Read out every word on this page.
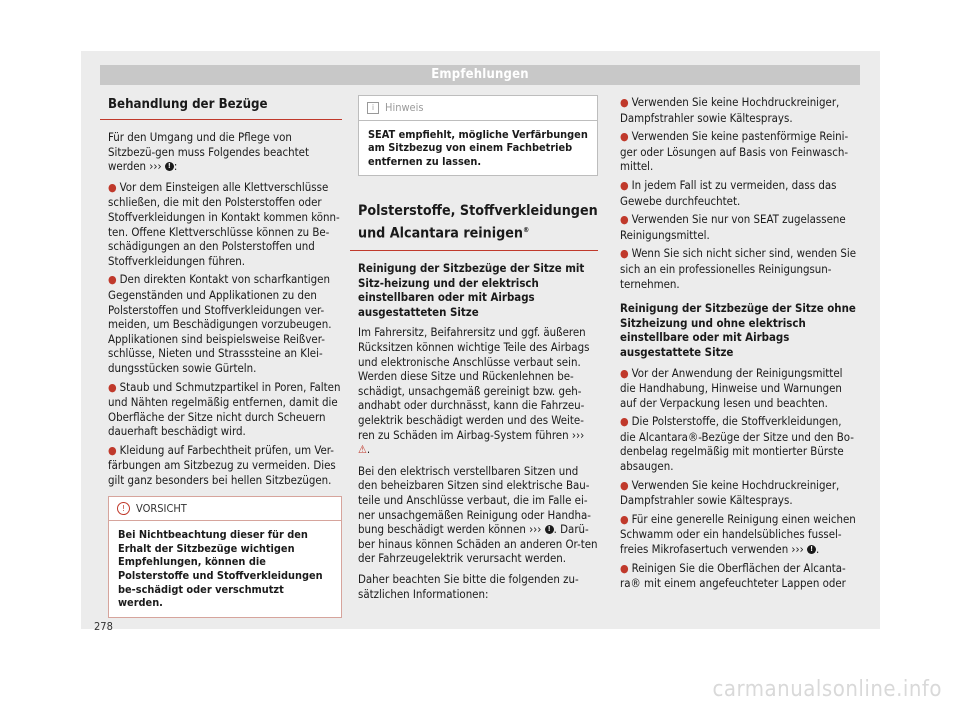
Empfehlungen
Behandlung der Bezüge

Für den Umgang und die Pflege von Sitzbezü-gen muss Folgendes beachtet werden ››› ! :

● Vor dem Einsteigen alle Klettverschlüsse schließen, die mit den Polsterstoffen oder Stoffverkleidungen in Kontakt kommen könn-ten. Offene Klettverschlüsse können zu Be-schädigungen an den Polsterstoffen und Stoffverkleidungen führen.
● Den direkten Kontakt von scharfkantigen Gegenständen und Applikationen zu den Polsterstoffen und Stoffverkleidungen ver-meiden, um Beschädigungen vorzubeugen. Applikationen sind beispielsweise Reißver-schlüsse, Nieten und Strasssteine an Klei-dungsstücken sowie Gürteln.
● Staub und Schmutzpartikel in Poren, Falten und Nähten regelmäßig entfernen, damit die Oberfläche der Sitze nicht durch Scheuern dauerhaft beschädigt wird.
● Kleidung auf Farbechtheit prüfen, um Ver-färbungen am Sitzbezug zu vermeiden. Dies gilt ganz besonders bei hellen Sitzbezügen.
! VORSICHT
Bei Nichtbeachtung dieser für den Erhalt der Sitzbezüge wichtigen Empfehlungen, können die Polsterstoffe und Stoffverkleidungen be-schädigt oder verschmutzt werden.
i Hinweis
SEAT empfiehlt, mögliche Verfärbungen am Sitzbezug von einem Fachbetrieb entfernen zu lassen.
Polsterstoffe, Stoffverkleidungen und Alcantara reinigen®

Reinigung der Sitzbezüge der Sitze mit Sitz-heizung und der elektrisch einstellbaren oder mit Airbags ausgestatteten Sitze

Im Fahrersitz, Beifahrersitz und ggf. äußeren Rücksitzen können wichtige Teile des Airbags und elektronische Anschlüsse verbaut sein. Werden diese Sitze und Rückenlehnen be-schädigt, unsachgemäß gereinigt bzw. geh-andhabt oder durchnässt, kann die Fahrzeu-gelektrik beschädigt werden und des Weite-ren zu Schäden im Airbag-System führen ››› ⚠.

Bei den elektrisch verstellbaren Sitzen und den beheizbaren Sitzen sind elektrische Bau-teile und Anschlüsse verbaut, die im Falle ei-ner unsachgemäßen Reinigung oder Handha-bung beschädigt werden können ››› ! . Darü-ber hinaus können Schäden an anderen Or-ten der Fahrzeugelektrik verursacht werden.

Daher beachten Sie bitte die folgenden zu-sätzlichen Informationen:

● Verwenden Sie keine Hochdruckreiniger, Dampfstrahler sowie Kältesprays.
● Verwenden Sie keine pastenförmige Reini-ger oder Lösungen auf Basis von Feinwasch-mittel.
● In jedem Fall ist zu vermeiden, dass das Gewebe durchfeuchtet.
● Verwenden Sie nur von SEAT zugelassene Reinigungsmittel.
● Wenn Sie sich nicht sicher sind, wenden Sie sich an ein professionelles Reinigungsun-ternehmen.

Reinigung der Sitzbezüge der Sitze ohne Sitzheizung und ohne elektrisch einstellbare oder mit Airbags ausgestattete Sitze

● Vor der Anwendung der Reinigungsmittel die Handhabung, Hinweise und Warnungen auf der Verpackung lesen und beachten.
● Die Polsterstoffe, die Stoffverkleidungen, die Alcantara®-Bezüge der Sitze und den Bo-denbelag regelmäßig mit montierter Bürste absaugen.
● Verwenden Sie keine Hochdruckreiniger, Dampfstrahler sowie Kältesprays.
● Für eine generelle Reinigung einen weichen Schwamm oder ein handelsübliches fussel-freies Mikrofasertuch verwenden ››› ! .
● Reinigen Sie die Oberflächen der Alcanta-ra® mit einem angefeuchteter Lappen oder
278
carmanualsonline.info
